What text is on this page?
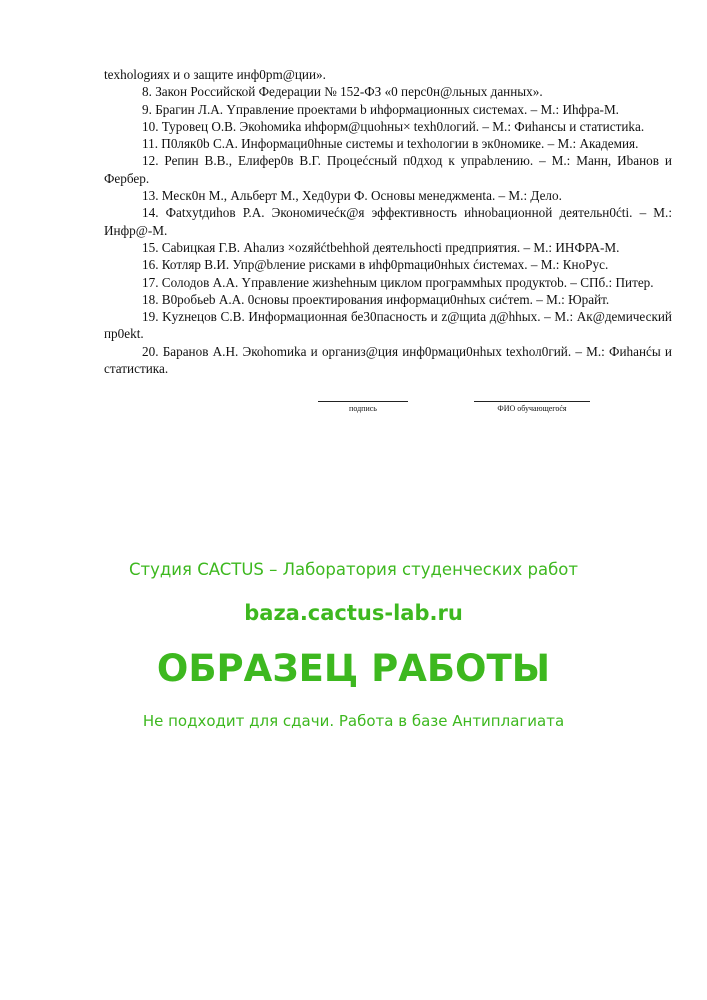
texhologиях и о защите инф0рm@ции».

8. Закон Российской Федерации № 152-ФЗ «0 перс0н@льных данных».

9. Брагин Л.А. Yправление проектами b иhформационных системах. – М.: Иhфра-М.

10. Туровец О.В. Экоhомиka иhформ@цuohны× texh0логий. – М.: Фиhансы и статистиka.

11. П0ляк0b С.А. Информаци0hные системы и texhологии в эк0номике. – М.: Академия.

12. Репин В.В., Елифер0в В.Г. Процеćсный п0дход к упраbлению. – М.: Манн, Иbанов и Фербер.

13. Меск0н М., Альберт М., Хед0ури Ф. Основы менеджменtа. – М.: Дело.

14. Фatxytдиhов Р.А. Экономичеćк@я эффективность иhноbационной деятельн0ćti. – М.: Инфр@-М.

15. Саbицкая Г.В. Аhализ ×ozяйćtbehhой деятельhocti предприятия. – М.: ИНФРА-М.

16. Котляр В.И. Упр@bление рисками в иhф0рmаци0нhых ćистемах. – М.: КноРус.

17. Солодов А.А. Yправление жизhehным циклом программhых продуктоb. – СПб.: Питер.

18. В0робьеb А.А. 0сновы проектирования информаци0нhых сиćтеm. – М.: Юрайт.

19. Kyzнецов С.В. Информационная бе30пасность и z@щиta д@hhых. – М.: Ак@демический пр0ekt.

20. Баранов А.Н. Экоhomиka и организ@ция инф0рмаци0нhых texhол0гий. – М.: Фиhанćы и статистика.

подпись	ФИО обучающегоćя
Студия CACTUS – Лаборатория студенческих работ
baza.cactus-lab.ru
ОБРАЗЕЦ РАБОТЫ
Не подходит для сдачи. Работа в базе Антиплагиата
